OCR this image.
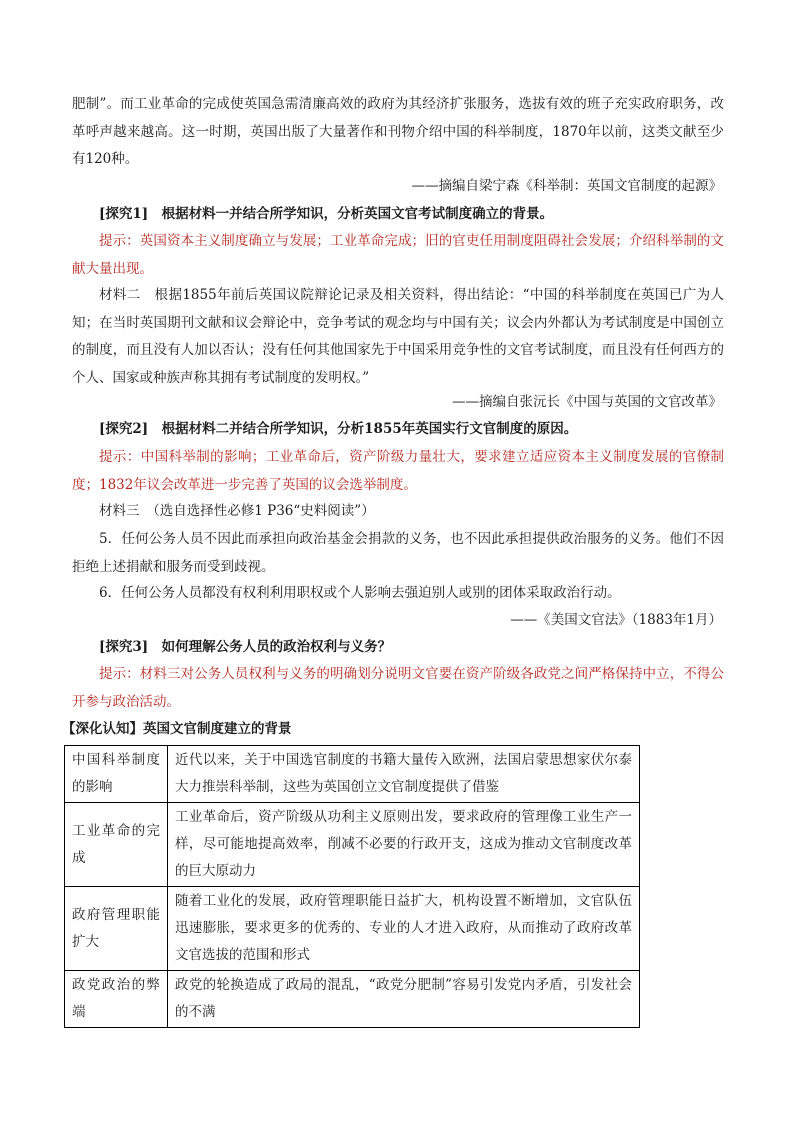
肥制”。而工业革命的完成使英国急需清廉高效的政府为其经济扩张服务，选拔有效的班子充实政府职务，改革呼声越来越高。这一时期，英国出版了大量著作和刊物介绍中国的科举制度，1870年以前，这类文献至少有120种。

——摘编自梁宁森《科举制：英国文官制度的起源》

[探究1]　根据材料一并结合所学知识，分析英国文官考试制度确立的背景。

提示：英国资本主义制度确立与发展；工业革命完成；旧的官吏任用制度阻碍社会发展；介绍科举制的文献大量出现。

材料二　根据1855年前后英国议院辩论记录及相关资料，得出结论：“中国的科举制度在英国已广为人知；在当时英国期刊文献和议会辩论中，竞争考试的观念均与中国有关；议会内外都认为考试制度是中国创立的制度，而且没有人加以否认；没有任何其他国家先于中国采用竞争性的文官考试制度，而且没有任何西方的个人、国家或种族声称其拥有考试制度的发明权。”

——摘编自张沅长《中国与英国的文官改革》

[探究2]　根据材料二并结合所学知识，分析1855年英国实行文官制度的原因。

提示：中国科举制的影响；工业革命后，资产阶级力量壮大，要求建立适应资本主义制度发展的官僚制度；1832年议会改革进一步完善了英国的议会选举制度。

材料三　（选自选择性必修1 P36“史料阅读”）

5．任何公务人员不因此而承担向政治基金会捐款的义务，也不因此承担提供政治服务的义务。他们不因拒绝上述捐献和服务而受到歧视。

6．任何公务人员都没有权利利用职权或个人影响去强迫别人或别的团体采取政治行动。

——《美国文官法》（1883年1月）

[探究3]　如何理解公务人员的政治权利与义务？

提示：材料三对公务人员权利与义务的明确划分说明文官要在资产阶级各政党之间严格保持中立，不得公开参与政治活动。

【深化认知】英国文官制度建立的背景

中国科举制度的影响	近代以来，关于中国选官制度的书籍大量传入欧洲，法国启蒙思想家伏尔泰大力推崇科举制，这些为英国创立文官制度提供了借鉴
工业革命的完成	工业革命后，资产阶级从功利主义原则出发，要求政府的管理像工业生产一样，尽可能地提高效率，削减不必要的行政开支，这成为推动文官制度改革的巨大原动力
政府管理职能扩大	随着工业化的发展，政府管理职能日益扩大，机构设置不断增加，文官队伍迅速膨胀，要求更多的优秀的、专业的人才进入政府，从而推动了政府改革文官选拔的范围和形式
政党政治的弊端	政党的轮换造成了政局的混乱，“政党分肥制”容易引发党内矛盾，引发社会的不满
